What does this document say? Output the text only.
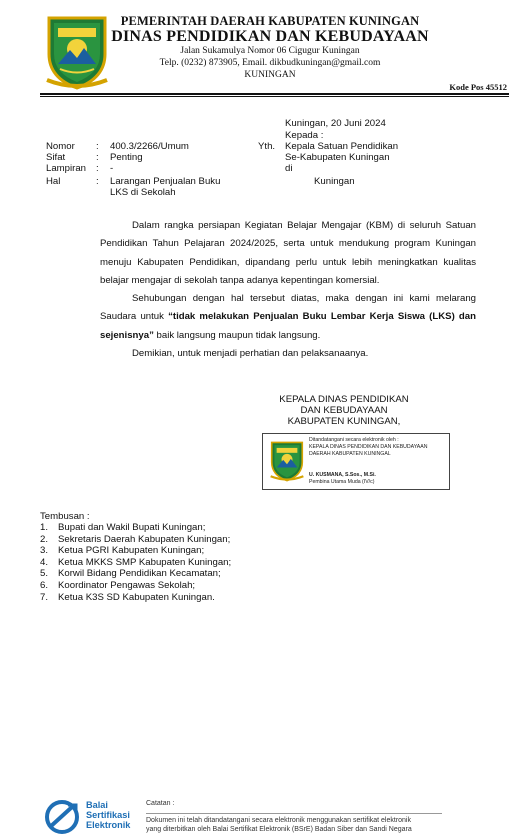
PEMERINTAH DAERAH KABUPATEN KUNINGAN
DINAS PENDIDIKAN DAN KEBUDAYAAN
Jalan Sukamulya Nomor 06 Cigugur Kuningan
Telp. (0232) 873905, Email. dikbudkuningan@gmail.com
KUNINGAN
Kode Pos 45512
Kuningan, 20 Juni 2024
Kepada :
Yth. Kepala Satuan Pendidikan
Se-Kabupaten Kuningan
di
Kuningan
Nomor : 400.3/2266/Umum
Sifat	: Penting
Lampiran : -
Hal	: Larangan Penjualan Buku
LKS di Sekolah
Dalam rangka persiapan Kegiatan Belajar Mengajar (KBM) di seluruh Satuan Pendidikan Tahun Pelajaran 2024/2025, serta untuk mendukung program Kuningan menuju Kabupaten Pendidikan, dipandang perlu untuk lebih meningkatkan kualitas belajar mengajar di sekolah tanpa adanya kepentingan komersial.
Sehubungan dengan hal tersebut diatas, maka dengan ini kami melarang Saudara untuk “tidak melakukan Penjualan Buku Lembar Kerja Siswa (LKS) dan sejenisnya” baik langsung maupun tidak langsung.
Demikian, untuk menjadi perhatian dan pelaksanaanya.
KEPALA DINAS PENDIDIKAN
DAN KEBUDAYAAN
KABUPATEN KUNINGAN,
Ditandatangani secara elektronik oleh :
KEPALA DINAS PENDIDIKAN DAN KEBUDAYAAN
DAERAH KABUPATEN KUNINGAL
U. KUSMANA, S.Sos., M.Si.
Pembina Utama Muda (IV/c)
Tembusan :
1.	Bupati dan Wakil Bupati Kuningan;
2.	Sekretaris Daerah Kabupaten Kuningan;
3.	Ketua PGRI Kabupaten Kuningan;
4.	Ketua MKKS SMP Kabupaten Kuningan;
5.	Korwil Bidang Pendidikan Kecamatan;
6.	Koordinator Pengawas Sekolah;
7.	Ketua K3S SD Kabupaten Kuningan.
Balai
Sertifikasi
Elektronik
Catatan :
Dokumen ini telah ditandatangani secara elektronik menggunakan sertifikat elektronik
yang diterbitkan oleh Balai Sertifikat Elektronik (BSrE) Badan Siber dan Sandi Negara
